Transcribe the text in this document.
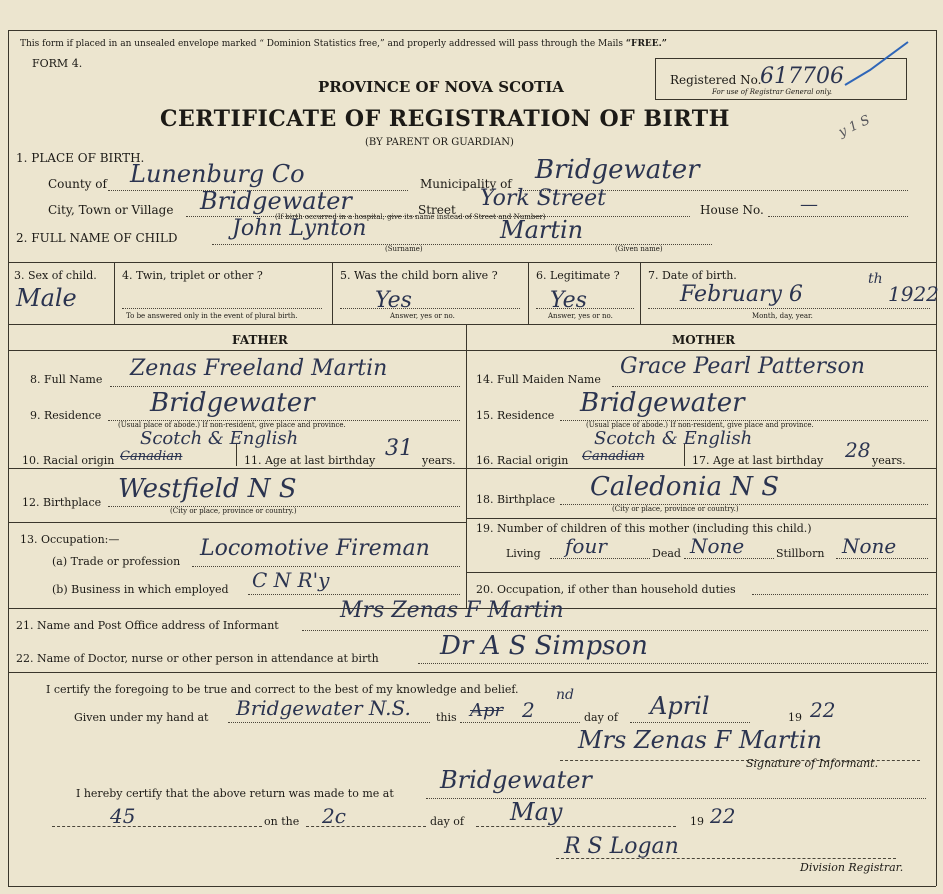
This form if placed in an unsealed envelope marked “ Dominion Statistics free,” and properly addressed will pass through the Mails “FREE.”
FORM 4.
PROVINCE OF NOVA SCOTIA
CERTIFICATE OF REGISTRATION OF BIRTH
(BY PARENT OR GUARDIAN)
Registered No.
617706
For use of Registrar General only.
y 1 S
1. PLACE OF BIRTH.
County of Lunenburg Co	Municipality of Bridgewater
City, Town or Village Bridgewater	Street York Street	House No. —
(If birth occurred in a hospital, give its name instead of Street and Number)
2. FULL NAME OF CHILD John Lynton	Martin
(Surname)	(Given name)
3. Sex of child.
Male
4. Twin, triplet or other ?
To be answered only in the event of plural birth.
5. Was the child born alive ?
Yes
Answer, yes or no.
6. Legitimate ?
Yes
Answer, yes or no.
7. Date of birth.
February 6
th
1922
Month, day, year.
FATHER	MOTHER
8. Full Name Zenas Freeland Martin
9. Residence Bridgewater
(Usual place of abode.) If non-resident, give place and province.
10. Racial origin Canadian
Scotch & English
11. Age at last birthday 31 years.
12. Birthplace Westfield N S
(City or place, province or country.)
13. Occupation:—
(a) Trade or profession
Locomotive Fireman
(b) Business in which employed C N R'y
14. Full Maiden Name
Grace Pearl Patterson
15. Residence Bridgewater
(Usual place of abode.) If non-resident, give place and province.
16. Racial origin Canadian
Scotch & English
17. Age at last birthday 28 years.
18. Birthplace Caledonia N S
(City or place, province or country.)
19. Number of children of this mother (including this child.)
Living four	Dead None	Stillborn None
20. Occupation, if other than household duties
21. Name and Post Office address of Informant
Mrs Zenas F Martin
22. Name of Doctor, nurse or other person in attendance at birth Dr A S Simpson
I certify the foregoing to be true and correct to the best of my knowledge and belief.
Given under my hand at Bridgewater N.S. this Apr 2
nd
day of April	19 22
Mrs Zenas F Martin
Signature of Informant.
I hereby certify that the above return was made to me at Bridgewater
45	on the 2c	day of May	19 22
R S Logan
Division Registrar.
